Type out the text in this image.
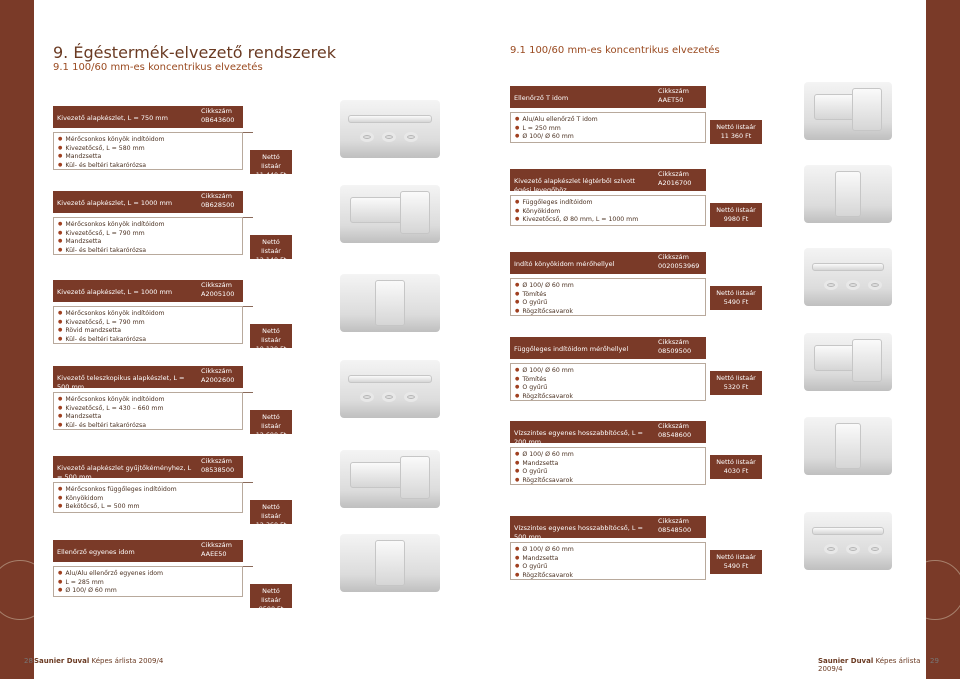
9. Égéstermék-elvezető rendszerek
9.1 100/60 mm-es koncentrikus elvezetés
Kivezető alapkészlet, L = 750 mm
Cikkszám
0B643600
● Mérőcsonkos könyök indítóidom
● Kivezetőcső, L = 580 mm
● Mandzsetta
● Kül- és beltéri takarórózsa
Nettó listaár
11 440 Ft
Kivezető alapkészlet, L = 1000 mm
Cikkszám
0B628500
● Mérőcsonkos könyök indítóidom
● Kivezetőcső, L = 790 mm
● Mandzsetta
● Kül- és beltéri takarórózsa
Nettó listaár
12 140 Ft
Kivezető alapkészlet, L = 1000 mm
Cikkszám
A2005100
● Mérőcsonkos könyök indítóidom
● Kivezetőcső, L = 790 mm
● Rövid mandzsetta
● Kül- és beltéri takarórózsa
Nettó listaár
10 120 Ft
Kivezető teleszkopikus alapkészlet, L = 500 mm
Cikkszám
A2002600
● Mérőcsonkos könyök indítóidom
● Kivezetőcső, L = 430 – 660 mm
● Mandzsetta
● Kül- és beltéri takarórózsa
Nettó listaár
12 600 Ft
Kivezető alapkészlet gyűjtőkéményhez, L = 500 mm
Cikkszám
08538500
● Mérőcsonkos függőleges indítóidom
● Könyökidom
● Bekötőcső, L = 500 mm	Nettó listaár
12 360 Ft
Ellenőrző egyenes idom
Cikkszám
AAEE50
● Alu/Alu ellenőrző egyenes idom
● L = 285 mm
● Ø 100/ Ø 60 mm	Nettó listaár
8500 Ft
28 Saunier Duval Képes árlista 2009/4
9.1 100/60 mm-es koncentrikus elvezetés
Ellenőrző T idom
Cikkszám
AAET50
● Alu/Alu ellenőrző T idom
● L = 250 mm
● Ø 100/ Ø 60 mm
Nettó listaár
11 360 Ft
Kivezető alapkészlet légtérből szívott égési levegőhöz
Cikkszám
A2016700
● Függőleges indítóidom
● Könyökidom
● Kivezetőcső, Ø 80 mm, L = 1000 mm
Nettó listaár
9980 Ft
Indító könyökidom mérőhellyel
Cikkszám
0020053969
● Ø 100/ Ø 60 mm
● Tömítés
● O gyűrű
● Rögzítőcsavarok
Nettó listaár
5490 Ft
Függőleges indítóidom mérőhellyel
Cikkszám
08509500
● Ø 100/ Ø 60 mm
● Tömítés
● O gyűrű
● Rögzítőcsavarok
Nettó listaár
5320 Ft
Vízszintes egyenes hosszabbítócső, L = 200 mm
Cikkszám
08548600
● Ø 100/ Ø 60 mm
● Mandzsetta
● O gyűrű
● Rögzítőcsavarok
Nettó listaár
4030 Ft
Vízszintes egyenes hosszabbítócső, L = 500 mm
Cikkszám
08548500
● Ø 100/ Ø 60 mm
● Mandzsetta
● O gyűrű
● Rögzítőcsavarok
Nettó listaár
5490 Ft
Saunier Duval Képes árlista 2009/4
29
